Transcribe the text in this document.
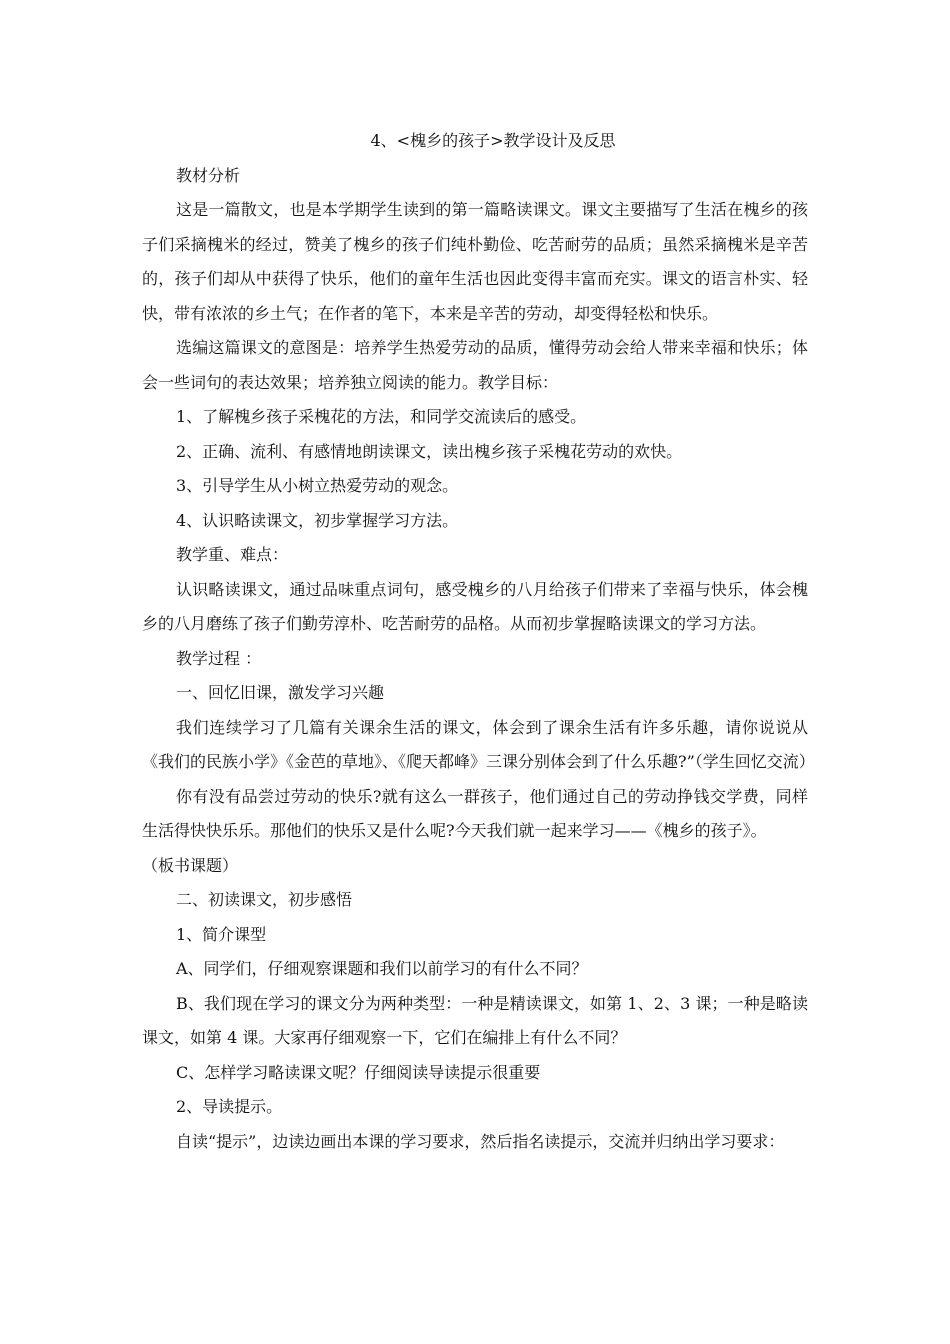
4、<槐乡的孩子>教学设计及反思

教材分析

这是一篇散文，也是本学期学生读到的第一篇略读课文。课文主要描写了生活在槐乡的孩子们采摘槐米的经过，赞美了槐乡的孩子们纯朴勤俭、吃苦耐劳的品质；虽然采摘槐米是辛苦的，孩子们却从中获得了快乐，他们的童年生活也因此变得丰富而充实。课文的语言朴实、轻快，带有浓浓的乡土气；在作者的笔下，本来是辛苦的劳动，却变得轻松和快乐。

选编这篇课文的意图是：培养学生热爱劳动的品质，懂得劳动会给人带来幸福和快乐；体会一些词句的表达效果；培养独立阅读的能力。教学目标：

1、了解槐乡孩子采槐花的方法，和同学交流读后的感受。

2、正确、流利、有感情地朗读课文，读出槐乡孩子采槐花劳动的欢快。

3、引导学生从小树立热爱劳动的观念。

4、认识略读课文，初步掌握学习方法。

教学重、难点：

认识略读课文，通过品味重点词句，感受槐乡的八月给孩子们带来了幸福与快乐，体会槐乡的八月磨练了孩子们勤劳淳朴、吃苦耐劳的品格。从而初步掌握略读课文的学习方法。

教学过程 ：

一、回忆旧课，激发学习兴趣

我们连续学习了几篇有关课余生活的课文，体会到了课余生活有许多乐趣，请你说说从《我们的民族小学》《金芭的草地》、《爬天都峰》三课分别体会到了什么乐趣?”（学生回忆交流）

你有没有品尝过劳动的快乐?就有这么一群孩子，他们通过自己的劳动挣钱交学费，同样生活得快快乐乐。那他们的快乐又是什么呢?今天我们就一起来学习——《槐乡的孩子》。

（板书课题）

二、初读课文，初步感悟

1、简介课型

A、同学们，仔细观察课题和我们以前学习的有什么不同？

B、我们现在学习的课文分为两种类型：一种是精读课文，如第 1、2、3 课；一种是略读课文，如第 4 课。大家再仔细观察一下，它们在编排上有什么不同？

C、怎样学习略读课文呢？仔细阅读导读提示很重要

2、导读提示。

自读“提示”，边读边画出本课的学习要求，然后指名读提示，交流并归纳出学习要求：
